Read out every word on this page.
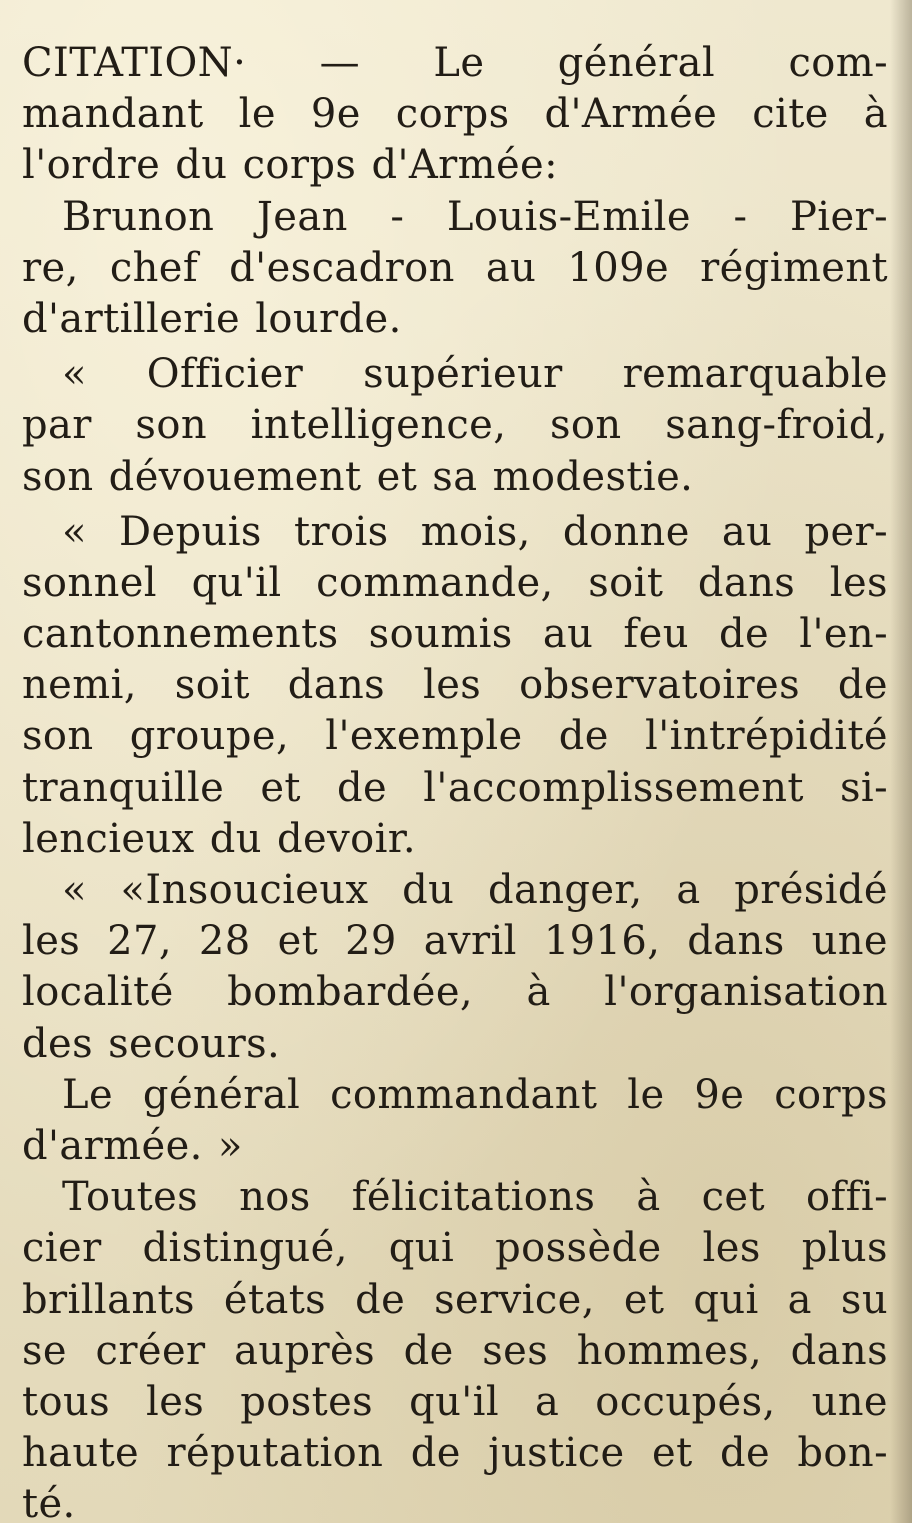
CITATION· — Le général com-
mandant le 9e corps d'Armée cite à
l'ordre du corps d'Armée:
Brunon Jean - Louis-Emile - Pier-
re, chef d'escadron au 109e régiment
d'artillerie lourde.
« Officier supérieur remarquable
par son intelligence, son sang-froid,
son dévouement et sa modestie.
« Depuis trois mois, donne au per-
sonnel qu'il commande, soit dans les
cantonnements soumis au feu de l'en-
nemi, soit dans les observatoires de
son groupe, l'exemple de l'intrépidité
tranquille et de l'accomplissement si-
lencieux du devoir.
« «Insoucieux du danger, a présidé
les 27, 28 et 29 avril 1916, dans une
localité bombardée, à l'organisation
des secours.
Le général commandant le 9e corps
d'armée. »
Toutes nos félicitations à cet offi-
cier distingué, qui possède les plus
brillants états de service, et qui a su
se créer auprès de ses hommes, dans
tous les postes qu'il a occupés, une
haute réputation de justice et de bon-
té.
